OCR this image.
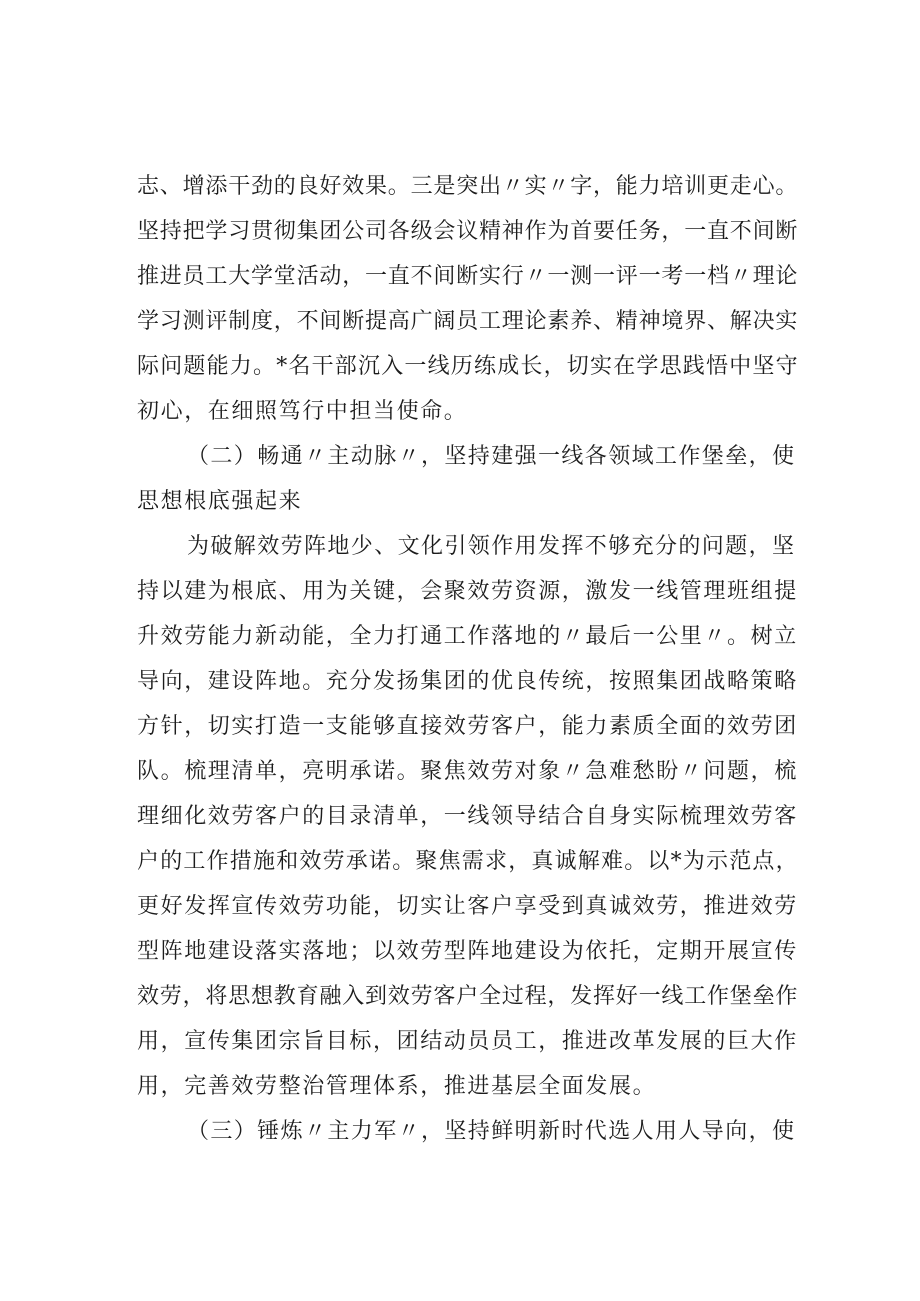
志、增添干劲的良好效果。三是突出〃实〃字，能力培训更走心。
坚持把学习贯彻集团公司各级会议精神作为首要任务，一直不间断
推进员工大学堂活动，一直不间断实行〃一测一评一考一档〃理论
学习测评制度，不间断提高广阔员工理论素养、精神境界、解决实
际问题能力。*名干部沉入一线历练成长，切实在学思践悟中坚守
初心，在细照笃行中担当使命。
（二）畅通〃主动脉〃，坚持建强一线各领域工作堡垒，使
思想根底强起来
为破解效劳阵地少、文化引领作用发挥不够充分的问题，坚
持以建为根底、用为关键，会聚效劳资源，激发一线管理班组提
升效劳能力新动能，全力打通工作落地的〃最后一公里〃。树立
导向，建设阵地。充分发扬集团的优良传统，按照集团战略策略
方针，切实打造一支能够直接效劳客户，能力素质全面的效劳团
队。梳理清单，亮明承诺。聚焦效劳对象〃急难愁盼〃问题，梳
理细化效劳客户的目录清单，一线领导结合自身实际梳理效劳客
户的工作措施和效劳承诺。聚焦需求，真诚解难。以*为示范点，
更好发挥宣传效劳功能，切实让客户享受到真诚效劳，推进效劳
型阵地建设落实落地；以效劳型阵地建设为依托，定期开展宣传
效劳，将思想教育融入到效劳客户全过程，发挥好一线工作堡垒作
用，宣传集团宗旨目标，团结动员员工，推进改革发展的巨大作
用，完善效劳整治管理体系，推进基层全面发展。
（三）锤炼〃主力军〃，坚持鲜明新时代选人用人导向，使
